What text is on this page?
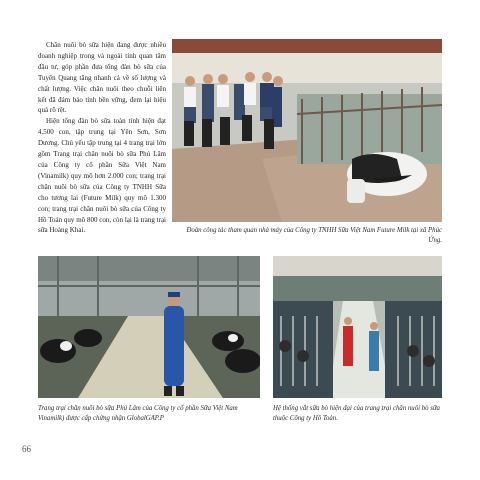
Chăn nuôi bò sữa hiện đang được nhiều doanh nghiệp trong và ngoài tỉnh quan tâm đầu tư, góp phần đưa tổng đàn bò sữa của Tuyên Quang tăng nhanh cả về số lượng và chất lượng. Việc chăn nuôi theo chuỗi liên kết đã đảm bảo tính bền vững, đem lại hiệu quả rõ rệt.

Hiện tổng đàn bò sữa toàn tỉnh hiện đạt 4.500 con, tập trung tại Yên Sơn, Sơn Dương. Chủ yếu tập trung tại 4 trang trại lớn gồm Trang trại chăn nuôi bò sữa Phú Lâm của Công ty cổ phần Sữa Việt Nam (Vinamilk) quy mô hơn 2.000 con; trang trại chăn nuôi bò sữa của Công ty TNHH Sữa cho tương lai (Future Milk) quy mô 1.300 con; trang trại chăn nuôi bò sữa của Công ty Hồ Toản quy mô 800 con, còn lại là trang trại sữa Hoàng Khai.	Đoàn công tác tham quan nhà máy của Công ty TNHH Sữa Việt Nam Future Milk tại xã Phúc Ứng.
Trang trại chăn nuôi bò sữa Phú Lâm của Công ty cổ phần Sữa Việt Nam Vinamilk) được cấp chứng nhận GlobalGAP.P
Hệ thống vắt sữa bò hiện đại của trang trại chăn nuôi bò sữa thuộc Công ty Hồ Toản.
66
